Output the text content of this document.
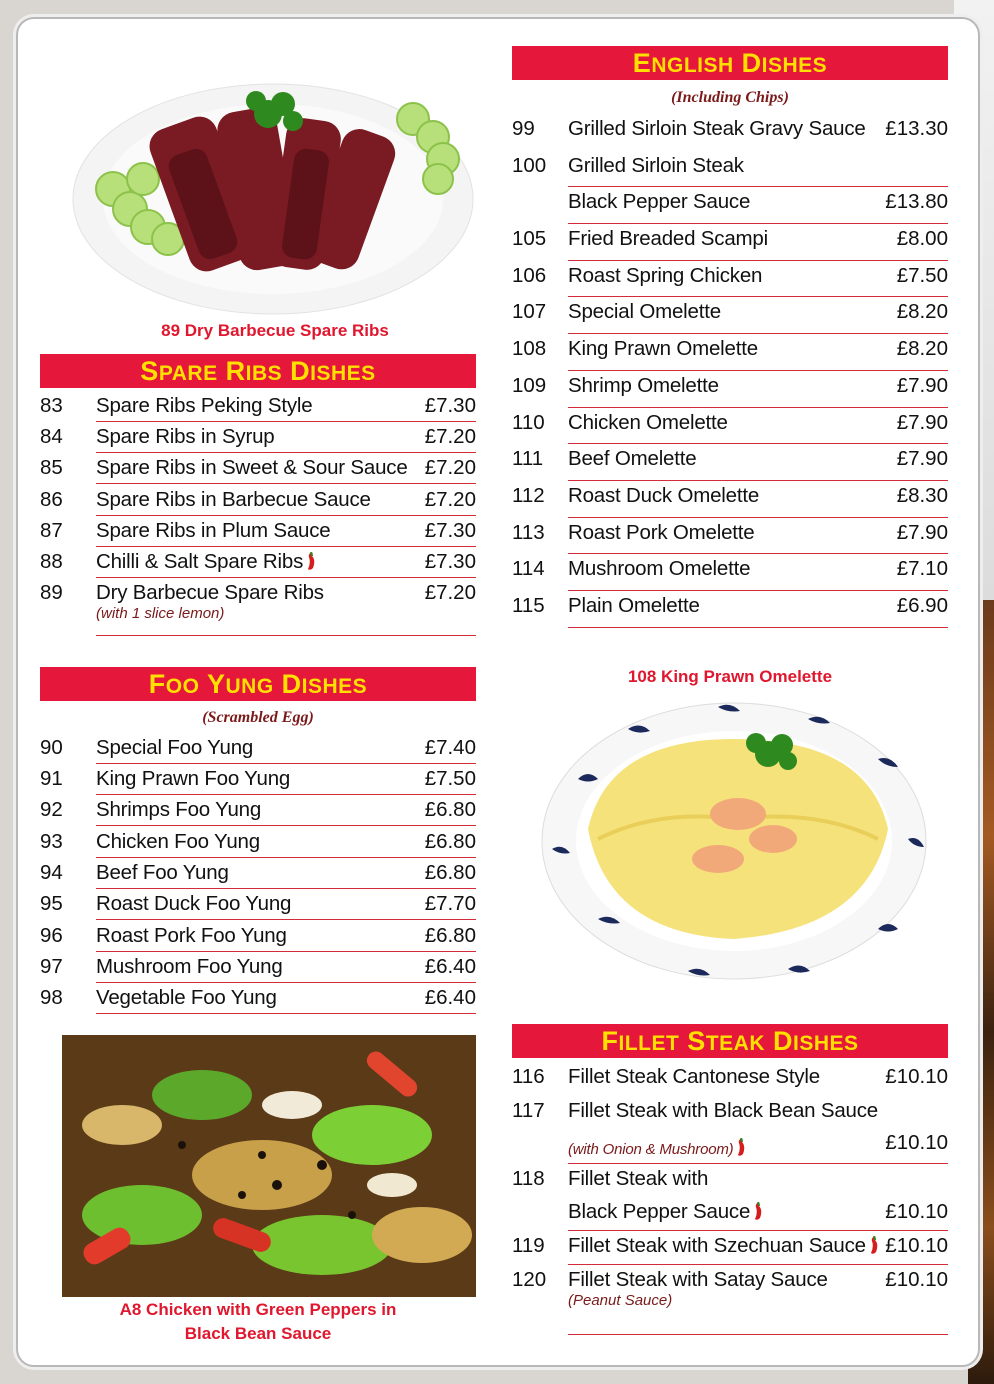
89 Dry Barbecue Spare Ribs
SPARE RIBS DISHES
83	Spare Ribs Peking Style	£7.30
84	Spare Ribs in Syrup	£7.20
85	Spare Ribs in Sweet & Sour Sauce £7.20
86	Spare Ribs in Barbecue Sauce	£7.20
87	Spare Ribs in Plum Sauce	£7.30
88	Chilli & Salt Spare Ribs	£7.30
89	Dry Barbecue Spare Ribs	£7.20
(with 1 slice lemon)
FOO YUNG DISHES
(Scrambled Egg)
90	Special Foo Yung	£7.40
91	King Prawn Foo Yung	£7.50
92	Shrimps Foo Yung	£6.80
93	Chicken Foo Yung	£6.80
94	Beef Foo Yung	£6.80
95	Roast Duck Foo Yung	£7.70
96	Roast Pork Foo Yung	£6.80
97	Mushroom Foo Yung	£6.40
98	Vegetable Foo Yung	£6.40
A8 Chicken with Green Peppers in
Black Bean Sauce
ENGLISH DISHES
(Including Chips)
99	Grilled Sirloin Steak Gravy Sauce £13.30
100	Grilled Sirloin Steak
Black Pepper Sauce	£13.80
105	Fried Breaded Scampi	£8.00
106	Roast Spring Chicken	£7.50
107	Special Omelette	£8.20
108	King Prawn Omelette	£8.20
109	Shrimp Omelette	£7.90
110	Chicken Omelette	£7.90
111	Beef Omelette	£7.90
112	Roast Duck Omelette	£8.30
113	Roast Pork Omelette	£7.90
114	Mushroom Omelette	£7.10
115	Plain Omelette	£6.90
108 King Prawn Omelette
FILLET STEAK DISHES
116	Fillet Steak Cantonese Style	£10.10
117	Fillet Steak with Black Bean Sauce
(with Onion & Mushroom)	£10.10
118	Fillet Steak with
Black Pepper Sauce	£10.10
119	Fillet Steak with Szechuan Sauce £10.10
120	Fillet Steak with Satay Sauce	£10.10
(Peanut Sauce)
